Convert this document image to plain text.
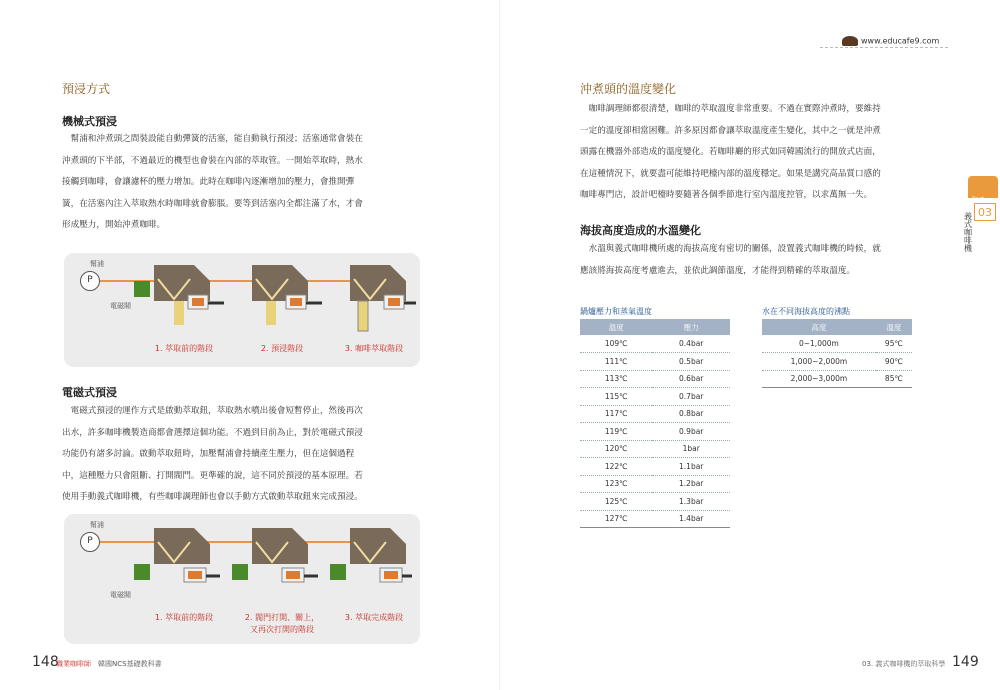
www.educafe9.com
預浸方式
機械式預浸
　幫浦和沖煮頭之間裝設能自動彈簧的活塞，能自動執行預浸；活塞通常會裝在
沖煮頭的下半部，不過最近的機型也會裝在內部的萃取管。一開始萃取時，熱水
接觸到咖啡，會讓濾杯的壓力增加。此時在咖啡內逐漸增加的壓力，會推開彈
簧，在活塞內注入萃取熱水時咖啡就會膨脹。要等到活塞內全都注滿了水，才會
形成壓力，開始沖煮咖啡。
幫浦
P
電磁閥
1. 萃取前的階段	2. 預浸階段	3. 咖啡萃取階段
電磁式預浸
　電磁式預浸的運作方式是啟動萃取鈕，萃取熱水噴出後會短暫停止，然後再次
出水，許多咖啡機製造商都會選擇這個功能。不過到目前為止，對於電磁式預浸
功能仍有諸多討論。啟動萃取鈕時，加壓幫浦會持續產生壓力，但在這個過程
中，這種壓力只會阻斷、打開閥門。更準確的說，這不同於預浸的基本原理。若
使用手動義式咖啡機，有些咖啡調理師也會以手動方式啟動萃取鈕來完成預浸。
幫浦
P
電磁閥
1. 萃取前的階段	2. 閥門打開、關上，
又再次打開的階段
3. 萃取完成階段
148
職業咖啡師 韓國NCS基礎教科書
沖煮頭的溫度變化
　咖啡調理師都很清楚，咖啡的萃取溫度非常重要。不過在實際沖煮時，要維持
一定的溫度卻相當困難。許多原因都會讓萃取溫度產生變化，其中之一就是沖煮
頭露在機器外部造成的溫度變化。若咖啡廳的形式如同韓國流行的開放式店面，
在這種情況下，就要盡可能維持吧檯內部的溫度穩定。如果是講究高品質口感的
咖啡專門店，設計吧檯時要隨著各個季節進行室內溫度控管，以求萬無一失。
海拔高度造成的水溫變化
　水溫與義式咖啡機所處的海拔高度有密切的關係，設置義式咖啡機的時候，就
應該將海拔高度考慮進去，並依此調節溫度，才能得到精確的萃取溫度。
鍋爐壓力和蒸氣溫度
溫度	壓力
109℃	0.4bar
111℃	0.5bar
113℃	0.6bar
115℃	0.7bar
117℃	0.8bar
119℃	0.9bar
120℃	1bar
122℃	1.1bar
123℃	1.2bar
125℃	1.3bar
127℃	1.4bar
水在不同海拔高度的沸點
高度	溫度
0~1,000m	95℃
1,000~2,000m	90℃
2,000~3,000m	85℃
Part
03
義式咖啡機
03. 義式咖啡機的萃取科學 149
